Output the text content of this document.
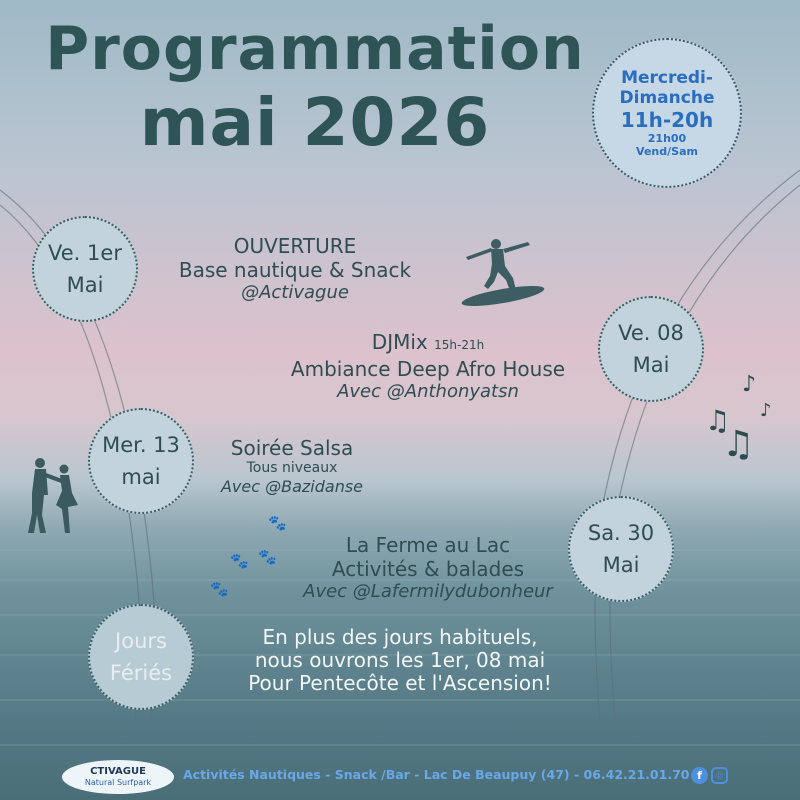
Programmation
mai 2026
Mercredi-
Dimanche
11h-20h
21h00
Vend/Sam
Ve. 1er
Mai
OUVERTURE
Base nautique & Snack
@Activague
Ve. 08
Mai
DJMix 15h-21h
Ambiance Deep Afro House
Avec @Anthonyatsn	♪
♪
♫
♫
Mer. 13
mai
Soirée Salsa
Tous niveaux
Avec @Bazidanse
Sa. 30
Mai
La Ferme au Lac
Activités & balades
Avec @Lafermilydubonheur
🐾
🐾 🐾
🐾
Jours
Fériés
En plus des jours habituels,
nous ouvrons les 1er, 08 mai
Pour Pentecôte et l'Ascension!
CTIVAGUE
Natural Surfpark
Activités Nautiques - Snack /Bar - Lac De Beaupuy (47) - 06.42.21.01.70 f	◎
